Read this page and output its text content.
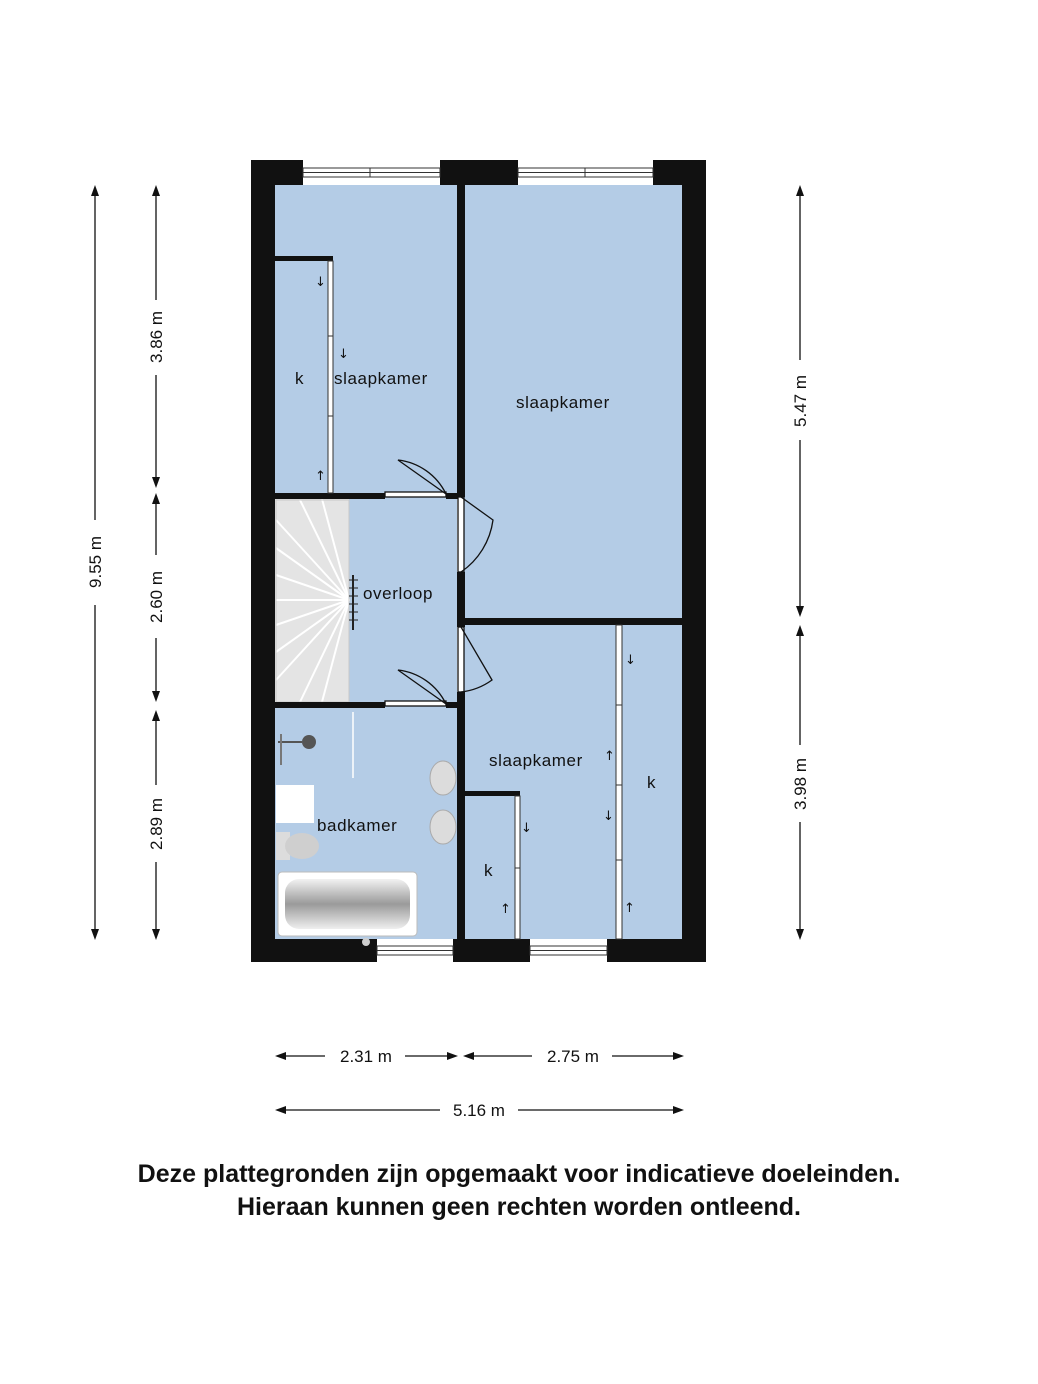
↓
↓
↑
↓
↑
↓
↑
↓
↑
slaapkamer
k
slaapkamer
overloop
slaapkamer
k
k
badkamer
9.55 m
3.86 m
2.60 m
2.89 m
5.47 m
3.98 m
2.31 m	2.75 m
5.16 m
Deze plattegronden zijn opgemaakt voor indicatieve doeleinden.
Hieraan kunnen geen rechten worden ontleend.
